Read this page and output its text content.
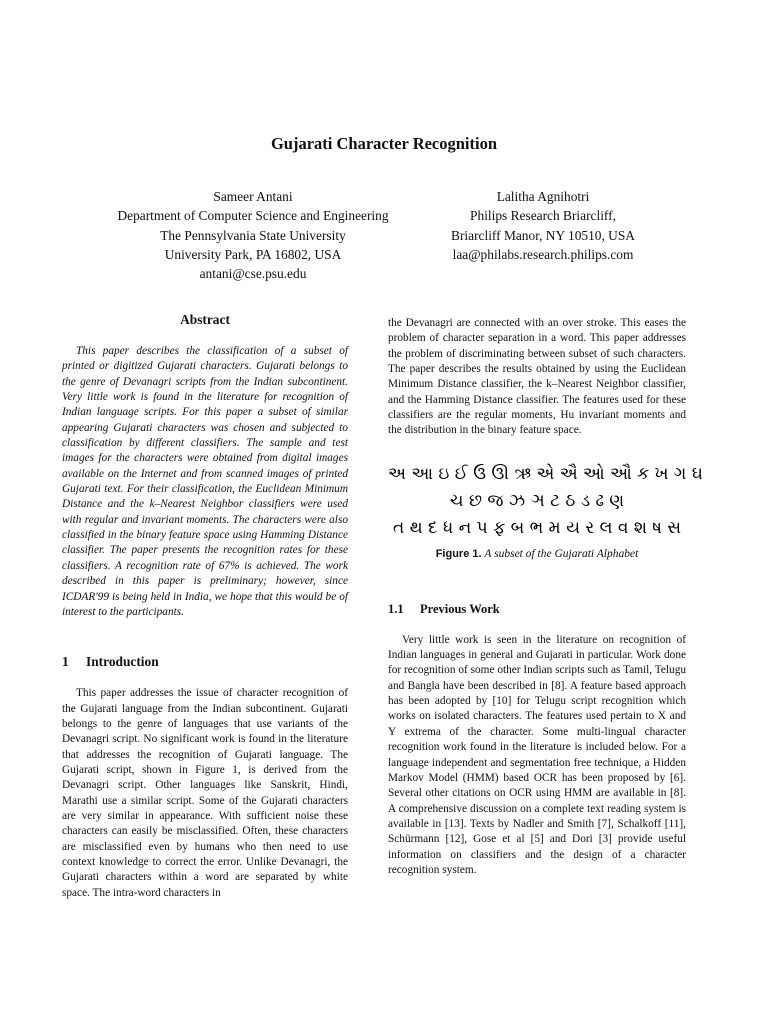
Gujarati Character Recognition
Sameer Antani
Department of Computer Science and Engineering
The Pennsylvania State University
University Park, PA 16802, USA
antani@cse.psu.edu
Lalitha Agnihotri
Philips Research Briarcliff,
Briarcliff Manor, NY 10510, USA
laa@philabs.research.philips.com
Abstract

This paper describes the classification of a subset of printed or digitized Gujarati characters. Gujarati belongs to the genre of Devanagri scripts from the Indian subcontinent. Very little work is found in the literature for recognition of Indian language scripts. For this paper a subset of similar appearing Gujarati characters was chosen and subjected to classification by different classifiers. The sample and test images for the characters were obtained from digital images available on the Internet and from scanned images of printed Gujarati text. For their classification, the Euclidean Minimum Distance and the k–Nearest Neighbor classifiers were used with regular and invariant moments. The characters were also classified in the binary feature space using Hamming Distance classifier. The paper presents the recognition rates for these classifiers. A recognition rate of 67% is achieved. The work described in this paper is preliminary; however, since ICDAR'99 is being held in India, we hope that this would be of interest to the participants.

1 Introduction

This paper addresses the issue of character recognition of the Gujarati language from the Indian subcontinent. Gujarati belongs to the genre of languages that use variants of the Devanagri script. No significant work is found in the literature that addresses the recognition of Gujarati language. The Gujarati script, shown in Figure 1, is derived from the Devanagri script. Other languages like Sanskrit, Hindi, Marathi use a similar script. Some of the Gujarati characters are very similar in appearance. With sufficient noise these characters can easily be misclassified. Often, these characters are misclassified even by humans who then need to use context knowledge to correct the error. Unlike Devanagri, the Gujarati characters within a word are separated by white space. The intra-word characters in

the Devanagri are connected with an over stroke. This eases the problem of character separation in a word. This paper addresses the problem of discriminating between subset of such characters. The paper describes the results obtained by using the Euclidean Minimum Distance classifier, the k–Nearest Neighbor classifier, and the Hamming Distance classifier. The features used for these classifiers are the regular moments, Hu invariant moments and the distribution in the binary feature space.

અ આ ઇ ઈ ઉ ઊ ઋ એ ઐ ઓ ઔ ક ખ ગ ઘ
ચ છ જ ઝ ઞ ટ ઠ ડ ઢ ણ
ત થ દ ધ ન પ ફ બ ભ મ ય ર લ વ શ ષ સ
Figure 1. A subset of the Gujarati Alphabet
1.1 Previous Work

Very little work is seen in the literature on recognition of Indian languages in general and Gujarati in particular. Work done for recognition of some other Indian scripts such as Tamil, Telugu and Bangla have been described in [8]. A feature based approach has been adopted by [10] for Telugu script recognition which works on isolated characters. The features used pertain to X and Y extrema of the character. Some multi-lingual character recognition work found in the literature is included below. For a language independent and segmentation free technique, a Hidden Markov Model (HMM) based OCR has been proposed by [6]. Several other citations on OCR using HMM are available in [8]. A comprehensive discussion on a complete text reading system is available in [13]. Texts by Nadler and Smith [7], Schalkoff [11], Schürmann [12], Gose et al [5] and Dori [3] provide useful information on classifiers and the design of a character recognition system.
